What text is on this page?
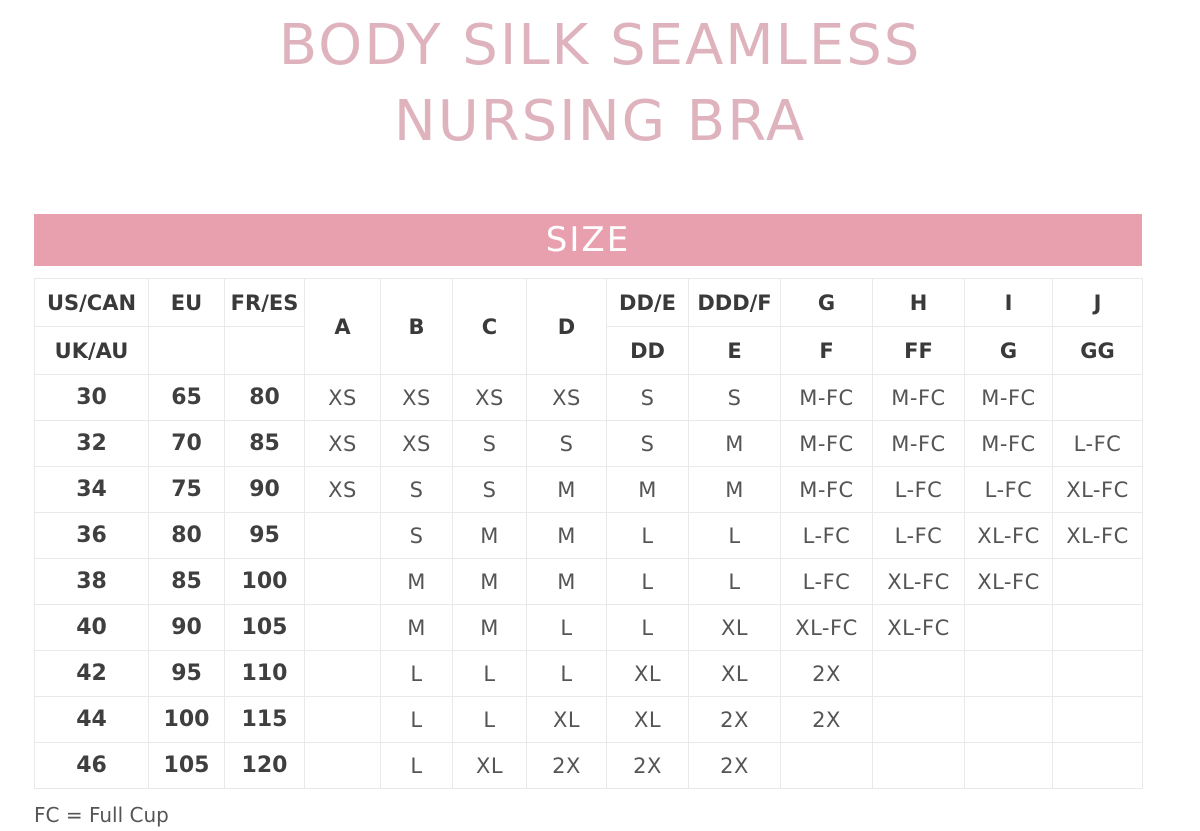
BODY SILK SEAMLESS
NURSING BRA
SIZE
US/CAN	EU	FR/ES	A	B	C	D	DD/E	DDD/F	G	H	I	J
UK/AU							DD	E	F	FF	G	GG
30	65	80	XS	XS	XS	XS	S	S	M-FC	M-FC	M-FC	
32	70	85	XS	XS	S	S	S	M	M-FC	M-FC	M-FC	L-FC
34	75	90	XS	S	S	M	M	M	M-FC	L-FC	L-FC	XL-FC
36	80	95		S	M	M	L	L	L-FC	L-FC	XL-FC	XL-FC
38	85	100		M	M	M	L	L	L-FC	XL-FC	XL-FC	
40	90	105		M	M	L	L	XL	XL-FC	XL-FC		
42	95	110		L	L	L	XL	XL	2X			
44	100	115		L	L	XL	XL	2X	2X			
46	105	120		L	XL	2X	2X	2X				
FC = Full Cup
